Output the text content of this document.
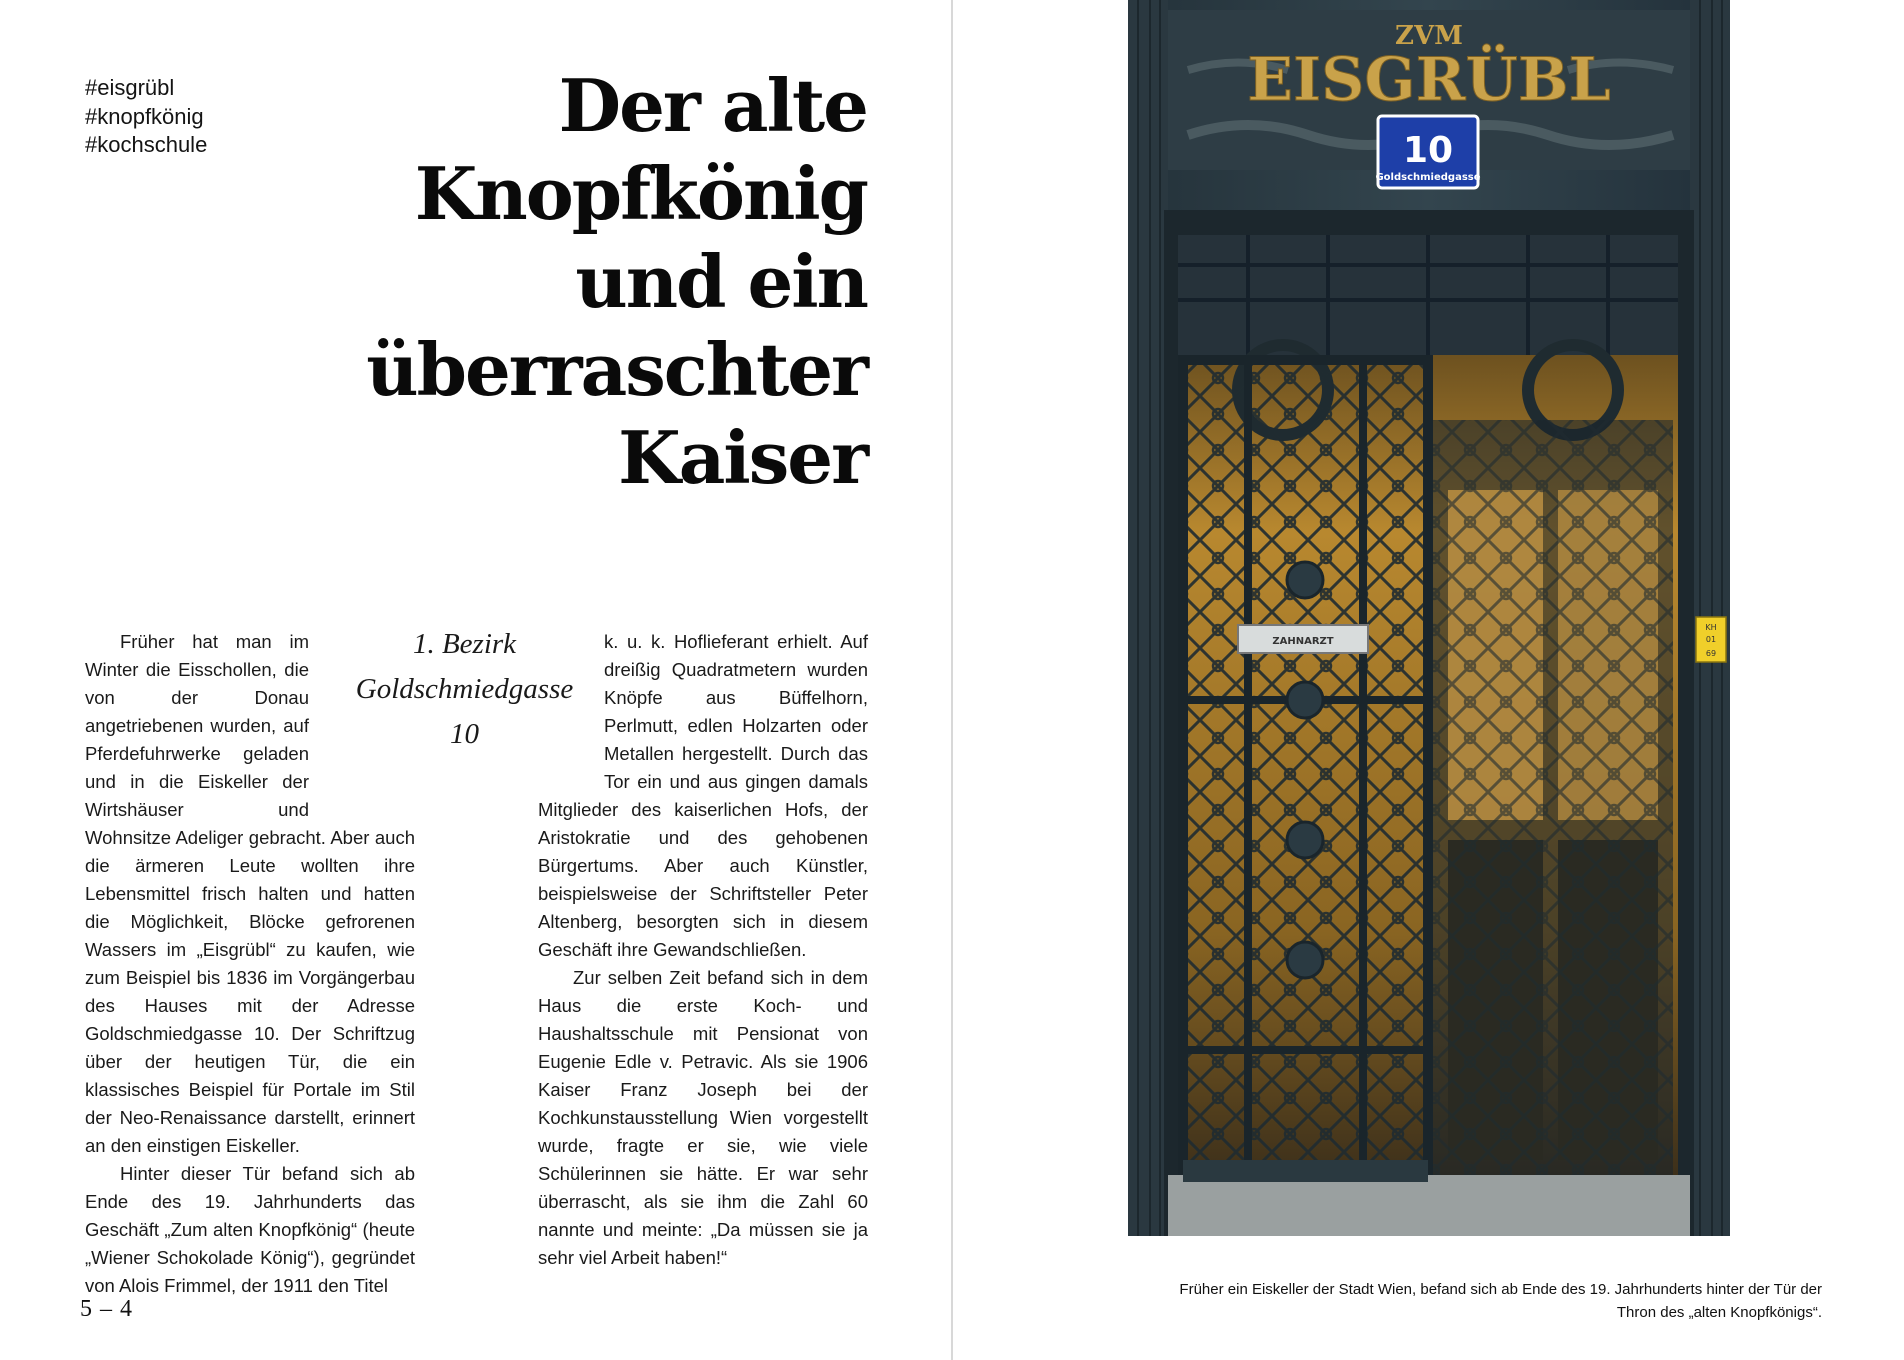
#eisgrübl
#knopfkönig
#kochschule	Der alte
Knopfkönig
und ein
überraschter
Kaiser

Früher hat man im Winter die Eisschollen, die von der Donau angetriebenen wurden, auf Pferdefuhrwerke geladen und in die Eiskeller der Wirtshäuser und Wohnsitze Adeliger gebracht. Aber auch die ärmeren Leute wollten ihre Lebensmittel frisch halten und hatten die Möglichkeit, Blöcke gefrorenen Wassers im „Eisgrübl“ zu kaufen, wie zum Beispiel bis 1836 im Vorgängerbau des Hauses mit der Adresse Goldschmiedgasse 10. Der Schriftzug über der heutigen Tür, die ein klassisches Beispiel für Portale im Stil der Neo-Renaissance darstellt, erinnert an den einstigen Eiskeller.

Hinter dieser Tür befand sich ab Ende des 19. Jahrhunderts das Geschäft „Zum alten Knopfkönig“ (heute „Wiener Schokolade König“), gegründet von Alois Frimmel, der 1911 den Titel

1. Bezirk
Goldschmiedgasse
10

k. u. k. Hoflieferant erhielt. Auf dreißig Quadratmetern wurden Knöpfe aus Büffelhorn, Perlmutt, edlen Holzarten oder Metallen hergestellt. Durch das Tor ein und aus gingen damals Mitglieder des kaiserlichen Hofs, der Aristokratie und des gehobenen Bürgertums. Aber auch Künstler, beispielsweise der Schriftsteller Peter Altenberg, besorgten sich in diesem Geschäft ihre Gewandschließen.

Zur selben Zeit befand sich in dem Haus die erste Koch- und Haushaltsschule mit Pensionat von Eugenie Edle v. Petravic. Als sie 1906 Kaiser Franz Joseph bei der Kochkunstausstellung Wien vorgestellt wurde, fragte er sie, wie viele Schülerinnen sie hätte. Er war sehr überrascht, als sie ihm die Zahl 60 nannte und meinte: „Da müssen sie ja sehr viel Arbeit haben!“

5 – 4
ZVM
EISGRÜBL
10
Goldschmiedgasse
ZAHNARZT
KH
01
69
Früher ein Eiskeller der Stadt Wien, befand sich ab Ende des 19. Jahrhunderts hinter der Tür der
Thron des „alten Knopfkönigs“.
